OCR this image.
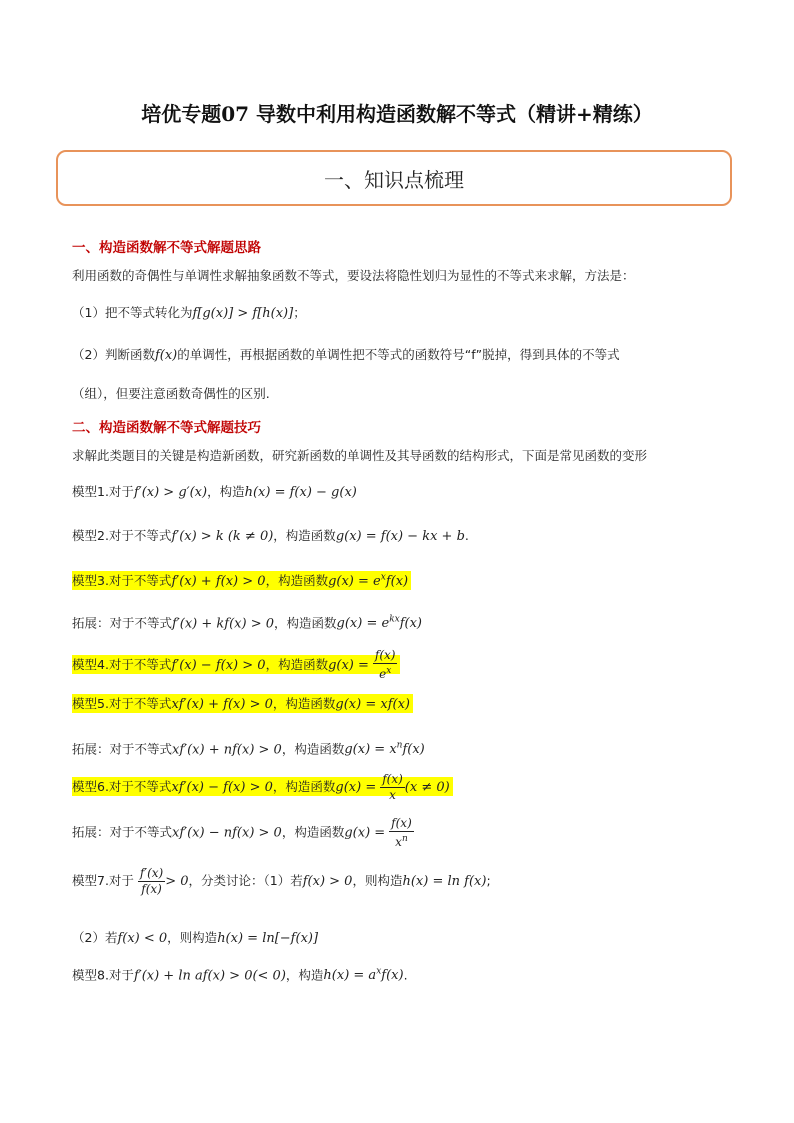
培优专题07 导数中利用构造函数解不等式（精讲+精练）
一、知识点梳理
一、构造函数解不等式解题思路
利用函数的奇偶性与单调性求解抽象函数不等式，要设法将隐性划归为显性的不等式来求解，方法是：
（1）把不等式转化为f[g(x)] > f[h(x)]；
（2）判断函数f(x)的单调性，再根据函数的单调性把不等式的函数符号“f”脱掉，得到具体的不等式
（组），但要注意函数奇偶性的区别.
二、构造函数解不等式解题技巧
求解此类题目的关键是构造新函数，研究新函数的单调性及其导函数的结构形式，下面是常见函数的变形
模型1.对于f′(x) > g′(x)，构造h(x) = f(x) − g(x)
模型2.对于不等式f′(x) > k (k ≠ 0)，构造函数g(x) = f(x) − kx + b.
模型3.对于不等式f′(x) + f(x) > 0，构造函数$g(x) = e^xf(x)$
拓展：对于不等式f′(x) + kf(x) > 0，构造函数$g(x) = e^{kx}f(x)$
模型4.对于不等式f′(x) − f(x) > 0，构造函数$g(x) = \frac{f(x)}{e^x}$
模型5.对于不等式xf′(x) + f(x) > 0，构造函数g(x) = xf(x)
拓展：对于不等式xf′(x) + nf(x) > 0，构造函数$g(x) = x^nf(x)$
模型6.对于不等式xf′(x) − f(x) > 0，构造函数$g(x) = \frac{f(x)}{x} (x \ne 0)$
拓展：对于不等式xf′(x) − nf(x) > 0，构造函数$g(x) = \frac{f(x)}{x^n}$
模型7.对于 $\frac{f'(x)}{f(x)} > 0$，分类讨论：（1）若f(x) > 0，则构造h(x) = ln f(x);
（2）若f(x) < 0，则构造h(x) = ln[−f(x)]
模型8.对于f′(x) + ln af(x) > 0(< 0)，构造$h(x) = a^xf(x)$.
